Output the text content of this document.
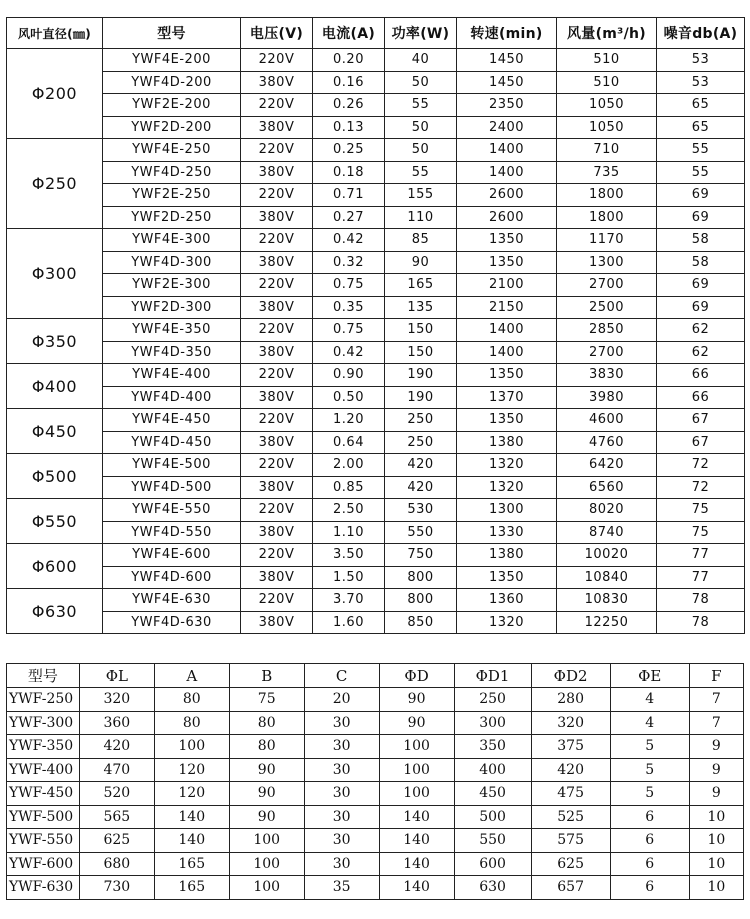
风叶直径(㎜)	型号	电压(V)	电流(A)	功率(W)	转速(min)	风量(m³/h)	噪音db(A)
Φ200	YWF4E-200	220V	0.20	40	1450	510	53
	YWF4D-200	380V	0.16	50	1450	510	53
	YWF2E-200	220V	0.26	55	2350	1050	65
	YWF2D-200	380V	0.13	50	2400	1050	65
Φ250	YWF4E-250	220V	0.25	50	1400	710	55
	YWF4D-250	380V	0.18	55	1400	735	55
	YWF2E-250	220V	0.71	155	2600	1800	69
	YWF2D-250	380V	0.27	110	2600	1800	69
Φ300	YWF4E-300	220V	0.42	85	1350	1170	58
	YWF4D-300	380V	0.32	90	1350	1300	58
	YWF2E-300	220V	0.75	165	2100	2700	69
	YWF2D-300	380V	0.35	135	2150	2500	69
Φ350	YWF4E-350	220V	0.75	150	1400	2850	62
	YWF4D-350	380V	0.42	150	1400	2700	62
Φ400	YWF4E-400	220V	0.90	190	1350	3830	66
	YWF4D-400	380V	0.50	190	1370	3980	66
Φ450	YWF4E-450	220V	1.20	250	1350	4600	67
	YWF4D-450	380V	0.64	250	1380	4760	67
Φ500	YWF4E-500	220V	2.00	420	1320	6420	72
	YWF4D-500	380V	0.85	420	1320	6560	72
Φ550	YWF4E-550	220V	2.50	530	1300	8020	75
	YWF4D-550	380V	1.10	550	1330	8740	75
Φ600	YWF4E-600	220V	3.50	750	1380	10020	77
	YWF4D-600	380V	1.50	800	1350	10840	77
Φ630	YWF4E-630	220V	3.70	800	1360	10830	78
	YWF4D-630	380V	1.60	850	1320	12250	78
型号	ΦL	A	B	C	ΦD	ΦD1	ΦD2	ΦE	F
YWF-250	320	80	75	20	90	250	280	4	7
YWF-300	360	80	80	30	90	300	320	4	7
YWF-350	420	100	80	30	100	350	375	5	9
YWF-400	470	120	90	30	100	400	420	5	9
YWF-450	520	120	90	30	100	450	475	5	9
YWF-500	565	140	90	30	140	500	525	6	10
YWF-550	625	140	100	30	140	550	575	6	10
YWF-600	680	165	100	30	140	600	625	6	10
YWF-630	730	165	100	35	140	630	657	6	10
